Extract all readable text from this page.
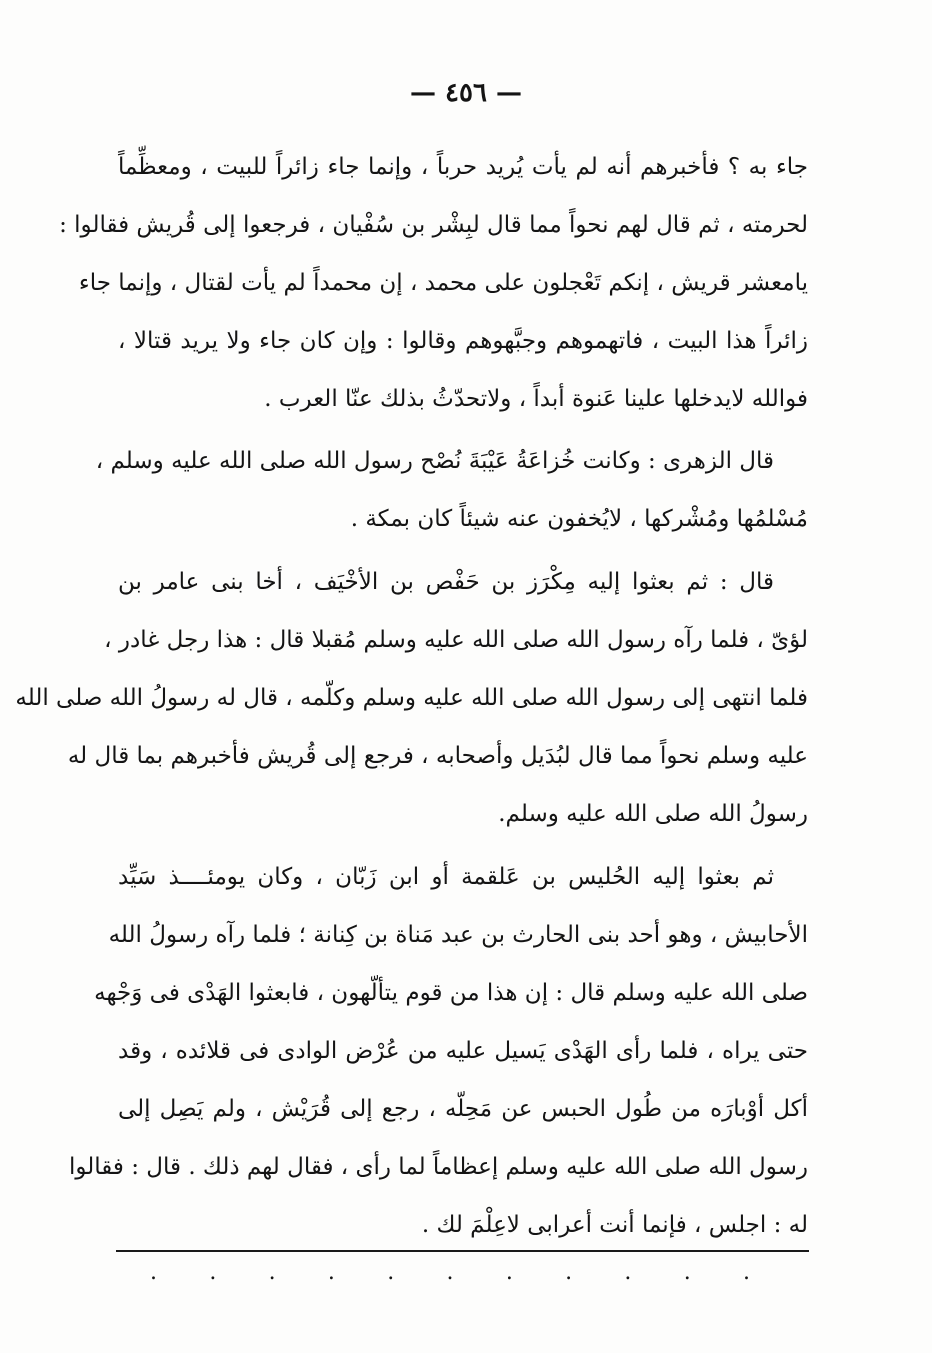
— ٤٥٦ —
جاء به ؟ فأخبرهم أنه لم يأت يُريد حرباً ، وإنما جاء زائراً للبيت ، ومعظِّماً
لحرمته ، ثم قال لهم نحواً مما قال لبِشْر بن سُفْيان ، فرجعوا إلى قُريش فقالوا :
يامعشر قريش ، إنكم تَعْجلون على محمد ، إن محمداً لم يأت لقتال ، وإنما جاء
زائراً هذا البيت ، فاتهموهم وجبَّهوهم وقالوا : وإن كان جاء ولا يريد قتالا ،
فوالله لايدخلها علينا عَنوة أبداً ، ولاتحدّثُ بذلك عنّا العرب .
قال الزهرى : وكانت خُزاعَةُ عَيْبَةَ نُصْح رسول الله صلى الله عليه وسلم ،
مُسْلمُها ومُشْركها ، لايُخفون عنه شيئاً كان بمكة .
قال : ثم بعثوا إليه مِكْرَز بن حَفْص بن الأخْيَف ، أخا بنى عامر بن
لؤىّ ، فلما رآه رسول الله صلى الله عليه وسلم مُقبلا قال : هذا رجل غادر ،
فلما انتهى إلى رسول الله صلى الله عليه وسلم وكلّمه ، قال له رسولُ الله صلى الله
عليه وسلم نحواً مما قال لبُدَيل وأصحابه ، فرجع إلى قُريش فأخبرهم بما قال له
رسولُ الله صلى الله عليه وسلم.
ثم بعثوا إليه الحُليس بن عَلقمة أو ابن زَبّان ، وكان يومئــــذ سَيِّد
الأحابيش ، وهو أحد بنى الحارث بن عبد مَناة بن كِنانة ؛ فلما رآه رسولُ الله
صلى الله عليه وسلم قال : إن هذا من قوم يتألّهون ، فابعثوا الهَدْى فى وَجْهه
حتى يراه ، فلما رأى الهَدْى يَسيل عليه من عُرْض الوادى فى قلائده ، وقد
أكل أوْبارَه من طُول الحبس عن مَحِلّه ، رجع إلى قُرَيْش ، ولم يَصِل إلى
رسول الله صلى الله عليه وسلم إعظاماً لما رأى ، فقال لهم ذلك . قال : فقالوا
له : اجلس ، فإنما أنت أعرابى لاعِلْمَ لك .
.
.
.
.
.
.
.
.
.
.
.
